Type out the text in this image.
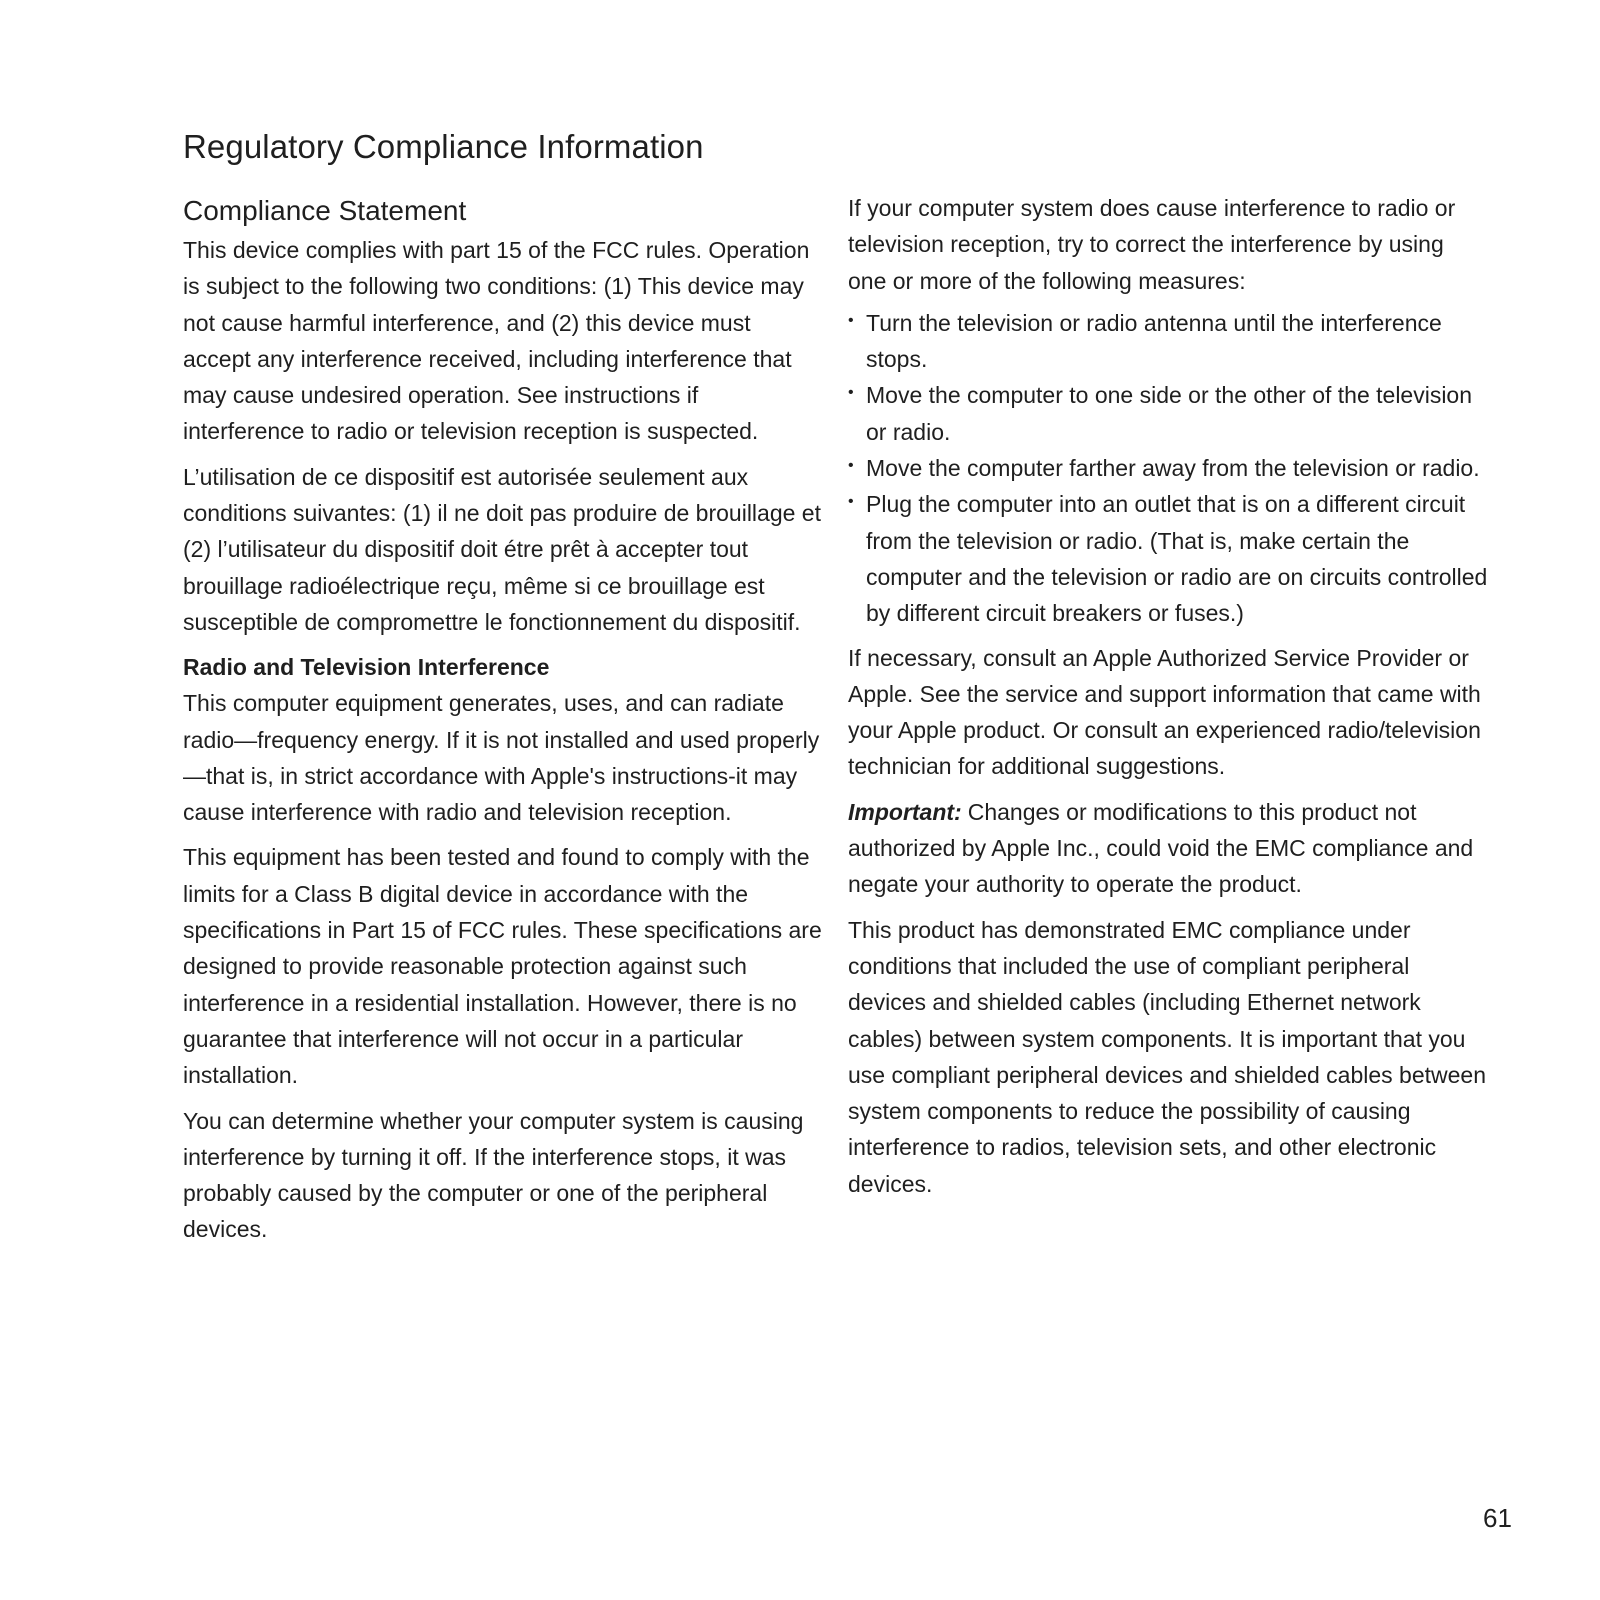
Regulatory Compliance Information
Compliance Statement

This device complies with part 15 of the FCC rules. Operation is subject to the following two conditions: (1) This device may not cause harmful interference, and (2) this device must accept any interference received, including interference that may cause undesired operation. See instructions if interference to radio or television reception is suspected.

L’utilisation de ce dispositif est autorisée seulement aux conditions suivantes: (1) il ne doit pas produire de brouillage et (2) l’utilisateur du dispositif doit étre prêt à accepter tout brouillage radioélectrique reçu, même si ce brouillage est susceptible de compromettre le fonctionnement du dispositif.

Radio and Television Interference

This computer equipment generates, uses, and can radiate radio—frequency energy. If it is not installed and used properly—that is, in strict accordance with Apple's instructions-it may cause interference with radio and television reception.

This equipment has been tested and found to comply with the limits for a Class B digital device in accordance with the specifications in Part 15 of FCC rules. These specifications are designed to provide reasonable protection against such interference in a residential installation. However, there is no guarantee that interference will not occur in a particular installation.

You can determine whether your computer system is causing interference by turning it off. If the interference stops, it was probably caused by the computer or one of the peripheral devices.

If your computer system does cause interference to radio or television reception, try to correct the interference by using one or more of the following measures:

• Turn the television or radio antenna until the interference stops.
• Move the computer to one side or the other of the television or radio.
• Move the computer farther away from the television or radio.
• Plug the computer into an outlet that is on a different circuit from the television or radio. (That is, make certain the computer and the television or radio are on circuits controlled by different circuit breakers or fuses.)

If necessary, consult an Apple Authorized Service Provider or Apple. See the service and support information that came with your Apple product. Or consult an experienced radio/television technician for additional suggestions.

Important: Changes or modifications to this product not authorized by Apple Inc., could void the EMC compliance and negate your authority to operate the product.

This product has demonstrated EMC compliance under conditions that included the use of compliant peripheral devices and shielded cables (including Ethernet network cables) between system components. It is important that you use compliant peripheral devices and shielded cables between system components to reduce the possibility of causing interference to radios, television sets, and other electronic devices.

61
